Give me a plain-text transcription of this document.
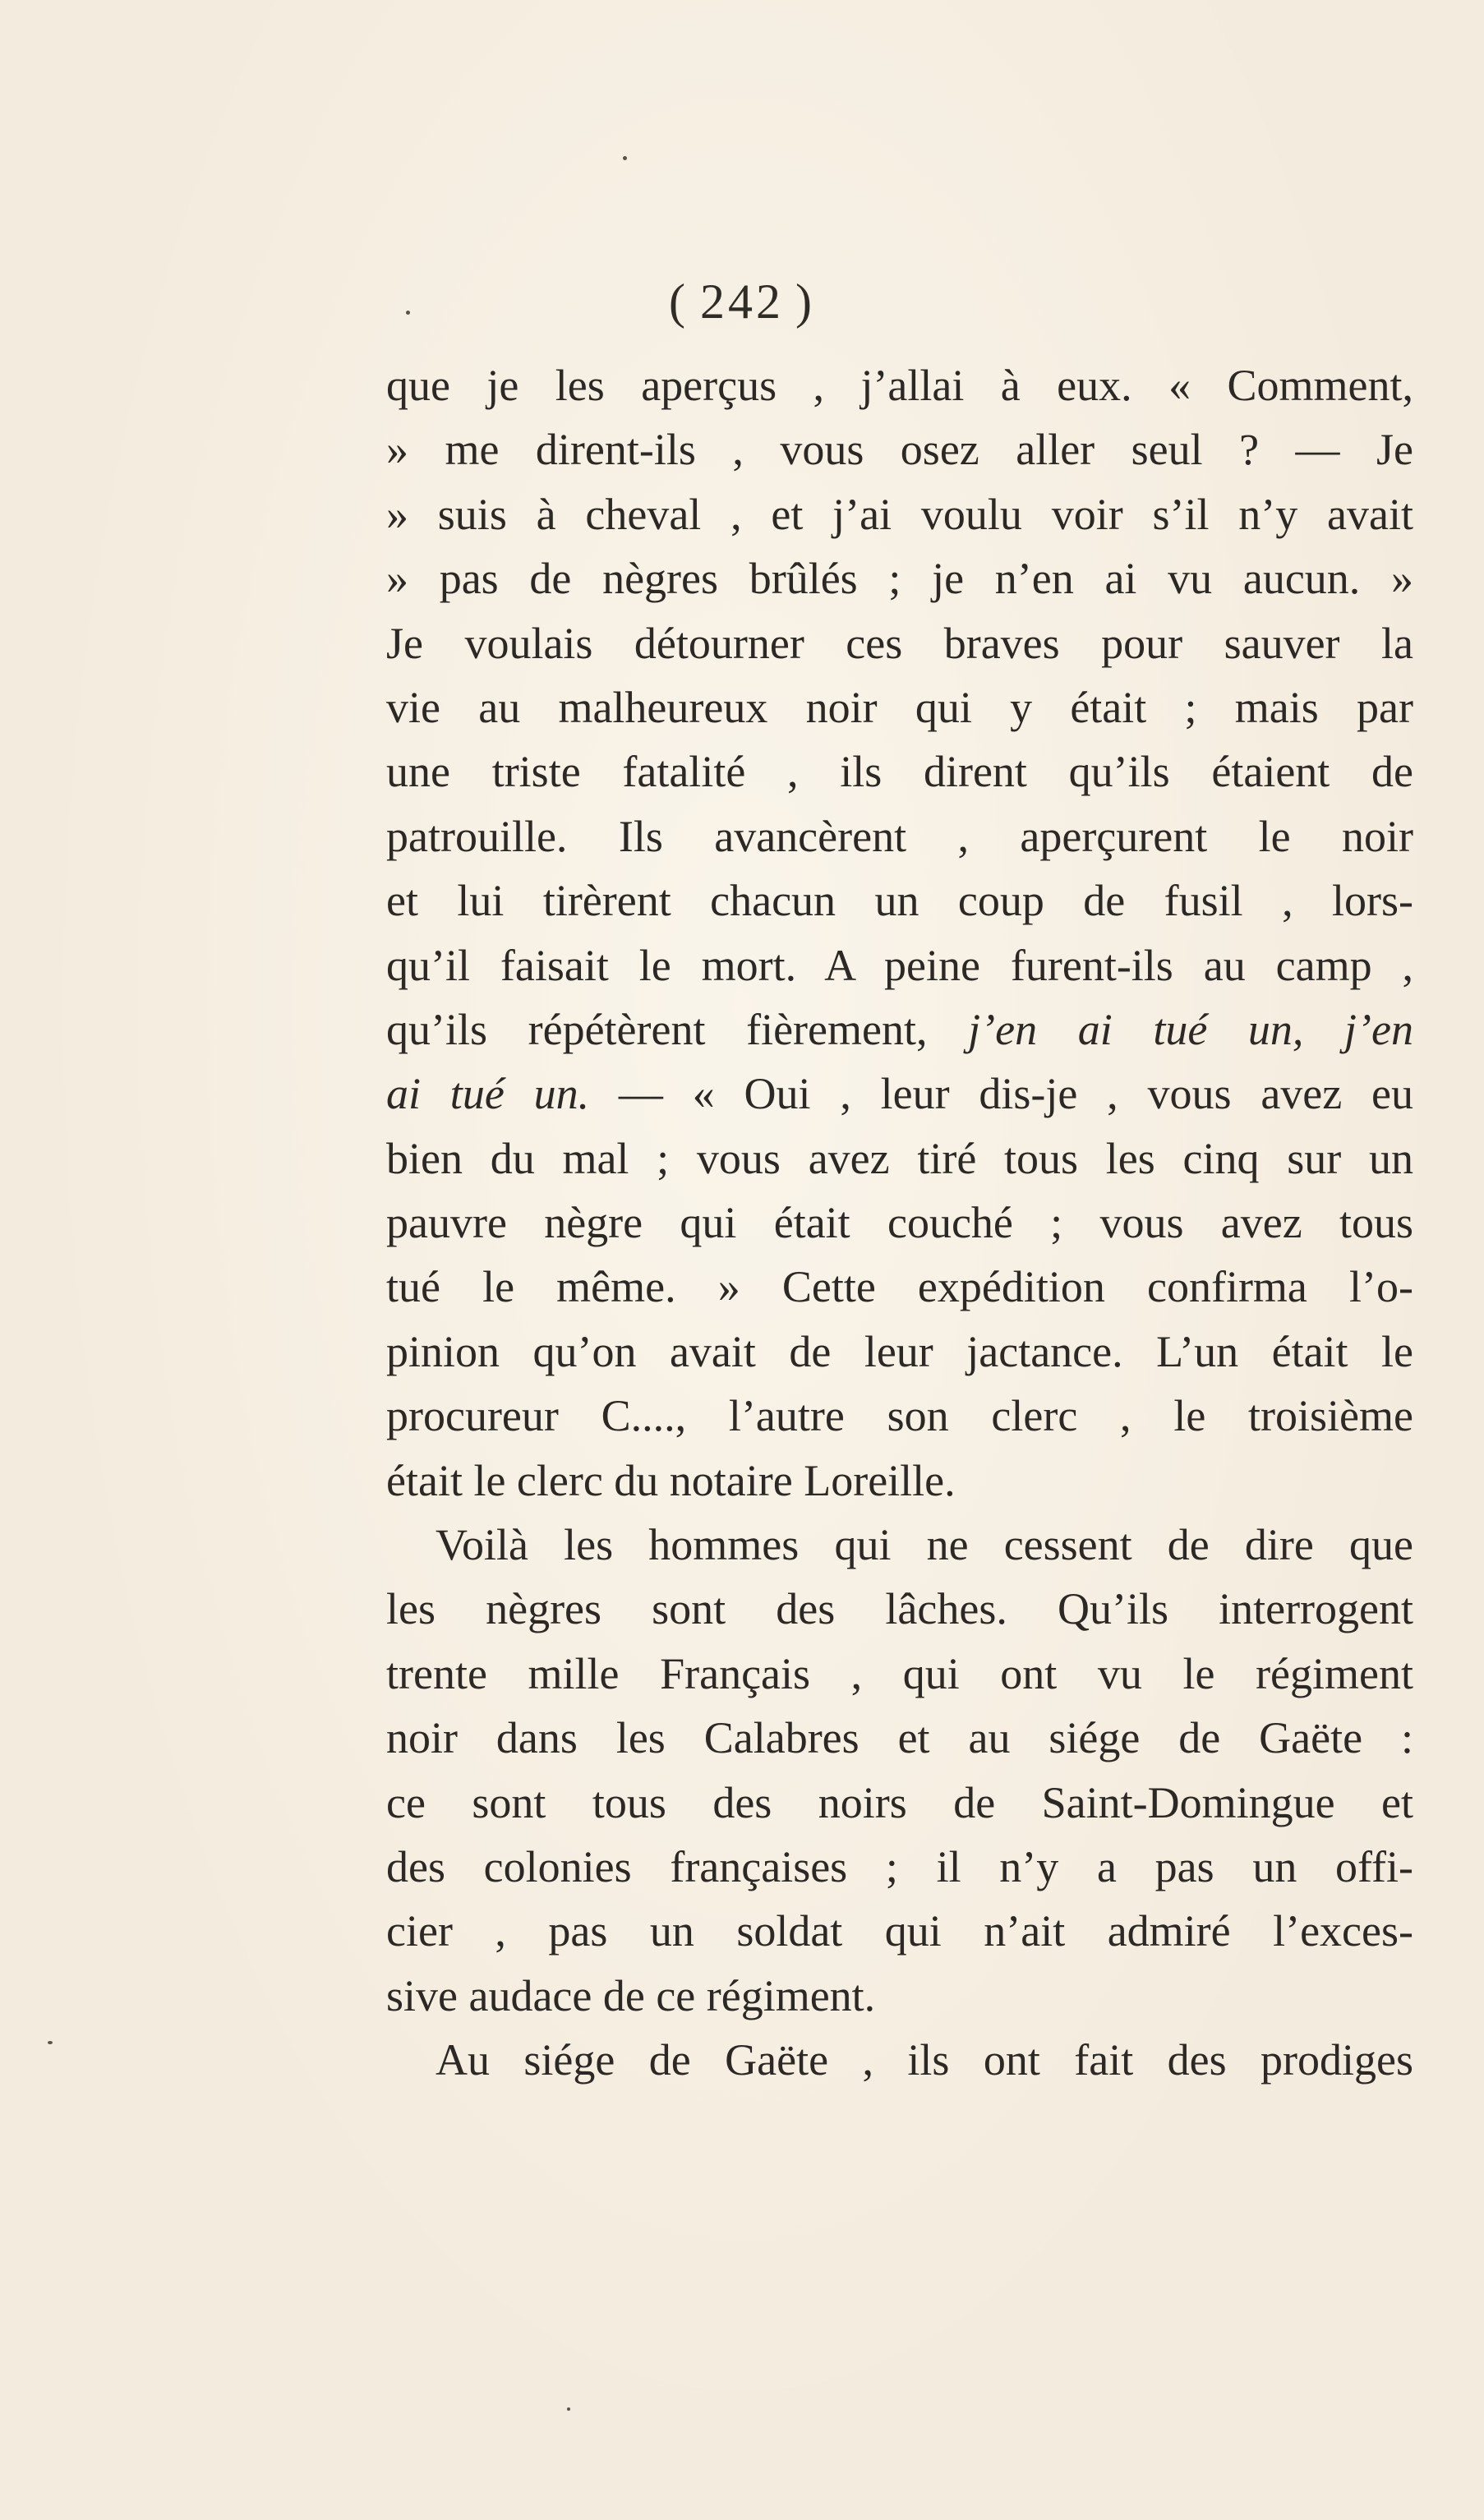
( 242 )
que je les aperçus , j’allai à eux. « Comment,
» me dirent-ils , vous osez aller seul ? — Je
» suis à cheval , et j’ai voulu voir s’il n’y avait
» pas de nègres brûlés ; je n’en ai vu aucun. »
Je voulais détourner ces braves pour sauver la
vie au malheureux noir qui y était ; mais par
une triste fatalité , ils dirent qu’ils étaient de
patrouille. Ils avancèrent , aperçurent le noir
et lui tirèrent chacun un coup de fusil , lors-
qu’il faisait le mort. A peine furent-ils au camp ,
qu’ils répétèrent fièrement, j’en ai tué un, j’en
ai tué un. — « Oui , leur dis-je , vous avez eu
bien du mal ; vous avez tiré tous les cinq sur un
pauvre nègre qui était couché ; vous avez tous
tué le même. » Cette expédition confirma l’o-
pinion qu’on avait de leur jactance. L’un était le
procureur C...., l’autre son clerc , le troisième
était le clerc du notaire Loreille.
Voilà les hommes qui ne cessent de dire que
les nègres sont des lâches. Qu’ils interrogent
trente mille Français , qui ont vu le régiment
noir dans les Calabres et au siége de Gaëte :
ce sont tous des noirs de Saint-Domingue et
des colonies françaises ; il n’y a pas un offi-
cier , pas un soldat qui n’ait admiré l’exces-
sive audace de ce régiment.
Au siége de Gaëte , ils ont fait des prodiges
